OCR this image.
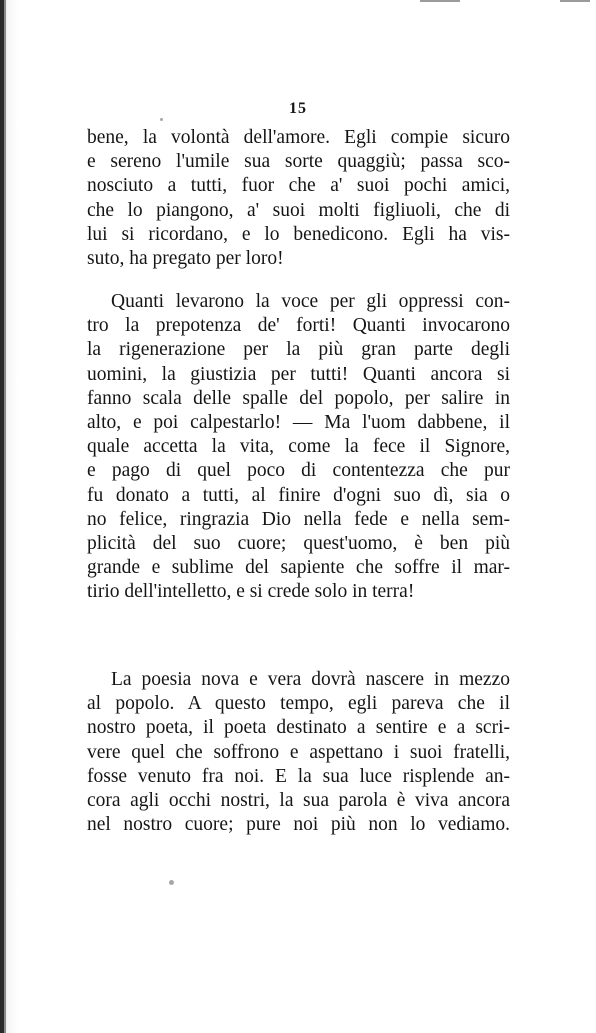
15
bene, la volontà dell'amore. Egli compie sicuro
e sereno l'umile sua sorte quaggiù; passa sco-
nosciuto a tutti, fuor che a' suoi pochi amici,
che lo piangono, a' suoi molti figliuoli, che di
lui si ricordano, e lo benedicono. Egli ha vis-
suto, ha pregato per loro!
Quanti levarono la voce per gli oppressi con-
tro la prepotenza de' forti! Quanti invocarono
la rigenerazione per la più gran parte degli
uomini, la giustizia per tutti! Quanti ancora si
fanno scala delle spalle del popolo, per salire in
alto, e poi calpestarlo! — Ma l'uom dabbene, il
quale accetta la vita, come la fece il Signore,
e pago di quel poco di contentezza che pur
fu donato a tutti, al finire d'ogni suo dì, sia o
no felice, ringrazia Dio nella fede e nella sem-
plicità del suo cuore; quest'uomo, è ben più
grande e sublime del sapiente che soffre il mar-
tirio dell'intelletto, e si crede solo in terra!
La poesia nova e vera dovrà nascere in mezzo
al popolo. A questo tempo, egli pareva che il
nostro poeta, il poeta destinato a sentire e a scri-
vere quel che soffrono e aspettano i suoi fratelli,
fosse venuto fra noi. E la sua luce risplende an-
cora agli occhi nostri, la sua parola è viva ancora
nel nostro cuore; pure noi più non lo vediamo.
